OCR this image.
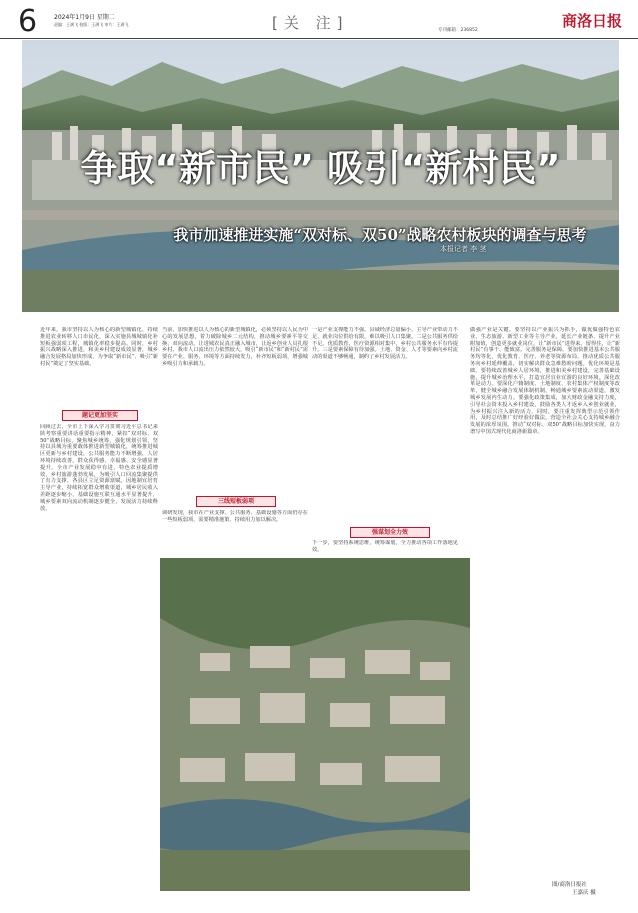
6	2024年1月9日 星期二
责编：王满飞 校版：王满飞 审片：王满飞	[关 注]	专刊邮箱：236852
商洛日报
争取“新市民” 吸引“新村民”
我市加速推进实施“双对标、双50”战略农村板块的调查与思考
本报记者 李 茎
近年来，我市坚持以人为核心的新型城镇化，持续推进农业转移人口市民化，深入实施县城城镇化补短板强弱项工程，城镇化率稳步提高。同时，乡村振兴战略深入推进，和美乡村建设成效显著，城乡融合发展格局加快形成，为争取“新市民”、吸引“新村民”奠定了坚实基础。
题记更加坚实
回顾过去，全市上下深入学习贯彻习近平总书记来陕考察重要讲话重要指示精神，紧扣“双对标、双50”战略目标，聚焦城乡统筹，强化规划引领，坚持以县城为重要载体推进新型城镇化，统筹推进城区更新与乡村建设，公共服务能力不断增强，人居环境持续改善，群众获得感、幸福感、安全感显著提升。全市产业发展稳中有进，特色农业提质增效，乡村旅游蓬勃发展，为吸引人口回流集聚提供了有力支撑。各县区立足资源禀赋，因地制宜培育主导产业，持续拓宽群众增收渠道，城乡居民收入差距逐步缩小，基础设施互联互通水平显著提升，城乡要素双向流动机制逐步健全，发展活力持续释放。
当前，加快推进以人为核心的新型城镇化，必须坚持以人民为中心的发展思想，着力破除城乡二元结构，推动城乡要素平等交换、双向流动，让进城农民真正融入城市，让返乡创业人员扎根乡村。我市人口流出压力依然较大，吸引“新市民”和“新村民”需要在产业、服务、环境等方面持续发力，补齐短板弱项，增强城乡吸引力和承载力。
三线短板弱项
调研发现，我市在产业支撑、公共服务、基础设施等方面仍存在一些短板弱项，需要精准施策、持续用力加以解决。
一是产业支撑能力不强。县域经济总量偏小，主导产业带动力不足，就业岗位供给有限，难以吸引人口集聚。二是公共服务供给不足。优质教育、医疗资源相对集中，乡村公共服务水平有待提升。三是要素保障有待加强。土地、资金、人才等要素向乡村流动的渠道不够畅通，制约了乡村发展活力。
强谋划全力效
下一步，要坚持系统思维，统筹谋划，全力推动各项工作落地见效。
做强产业是关键。要坚持以产业振兴为抓手，做优做强特色农业、生态旅游、新型工业等主导产业，延长产业链条，提升产业附加值，创造更多就业岗位，让“新市民”进得来、留得住，让“新村民”有事干、能致富。完善服务是保障。要加快推进基本公共服务均等化，优化教育、医疗、养老等资源布局，推动优质公共服务向乡村延伸覆盖，切实解决群众急难愁盼问题。优化环境是基础。要持续改善城乡人居环境，推进和美乡村建设，完善基础设施，提升城乡治理水平，打造宜居宜业宜游的良好环境。深化改革是动力。要深化户籍制度、土地制度、农村集体产权制度等改革，健全城乡融合发展体制机制，畅通城乡要素流动渠道，激发城乡发展内生动力。要强化政策集成，加大财政金融支持力度，引导社会资本投入乡村建设，鼓励各类人才返乡入乡创业就业，为乡村振兴注入新的活力。同时，要注重发挥典型示范引领作用，及时总结推广好经验好做法，营造全社会关心支持城乡融合发展的浓厚氛围，推动“双对标、双50”战略目标加快实现，奋力谱写中国式现代化商洛新篇章。
图/商洛日报社
王嘉庆 摄
